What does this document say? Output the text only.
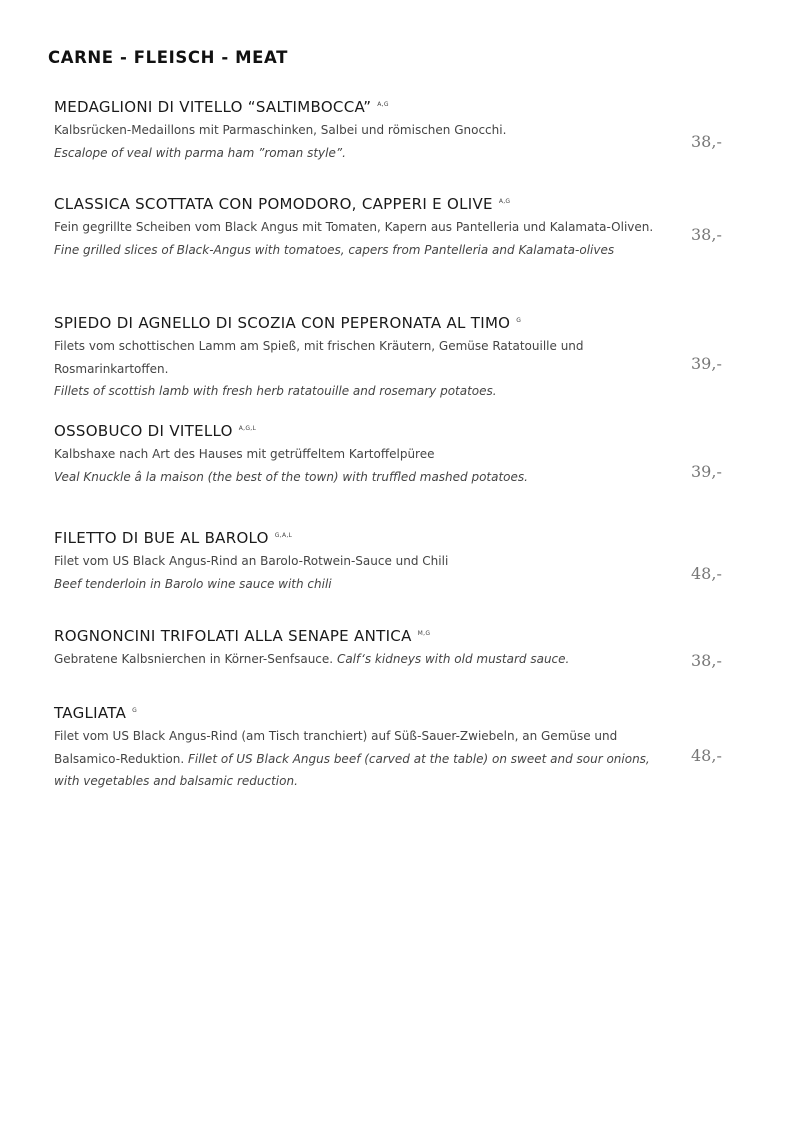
CARNE - FLEISCH - MEAT
MEDAGLIONI DI VITELLO “SALTIMBOCCA” $^{A,G}$
Kalbsrücken-Medaillons mit Parmaschinken, Salbei und römischen Gnocchi.
Escalope of veal with parma ham ”roman style”.
38,-
CLASSICA SCOTTATA CON POMODORO, CAPPERI E OLIVE $^{A,G}$
Fein gegrillte Scheiben vom Black Angus mit Tomaten, Kapern aus Pantelleria und Kalamata-Oliven.
Fine grilled slices of Black-Angus with tomatoes, capers from Pantelleria and Kalamata-olives
38,-
SPIEDO DI AGNELLO DI SCOZIA CON PEPERONATA AL TIMO $^G$
Filets vom schottischen Lamm am Spieß, mit frischen Kräutern, Gemüse Ratatouille und Rosmarinkartoffen.
Fillets of scottish lamb with fresh herb ratatouille and rosemary potatoes.
39,-
OSSOBUCO DI VITELLO $^{A,G,L}$
Kalbshaxe nach Art des Hauses mit getrüffeltem Kartoffelpüree
Veal Knuckle â la maison (the best of the town) with truffled mashed potatoes.	39,-
FILETTO DI BUE AL BAROLO $^{G,A,L}$
Filet vom US Black Angus-Rind an Barolo-Rotwein-Sauce und Chili
Beef tenderloin in Barolo wine sauce with chili
48,-
ROGNONCINI TRIFOLATI ALLA SENAPE ANTICA $^{M,G}$
Gebratene Kalbsnierchen in Körner-Senfsauce. Calf‘s kidneys with old mustard sauce.	38,-
TAGLIATA $^G$
Filet vom US Black Angus-Rind (am Tisch tranchiert) auf Süß-Sauer-Zwiebeln, an Gemüse und Balsamico-Reduktion. Fillet of US Black Angus beef (carved at the table) on sweet and sour onions, with vegetables and balsamic reduction.
48,-
